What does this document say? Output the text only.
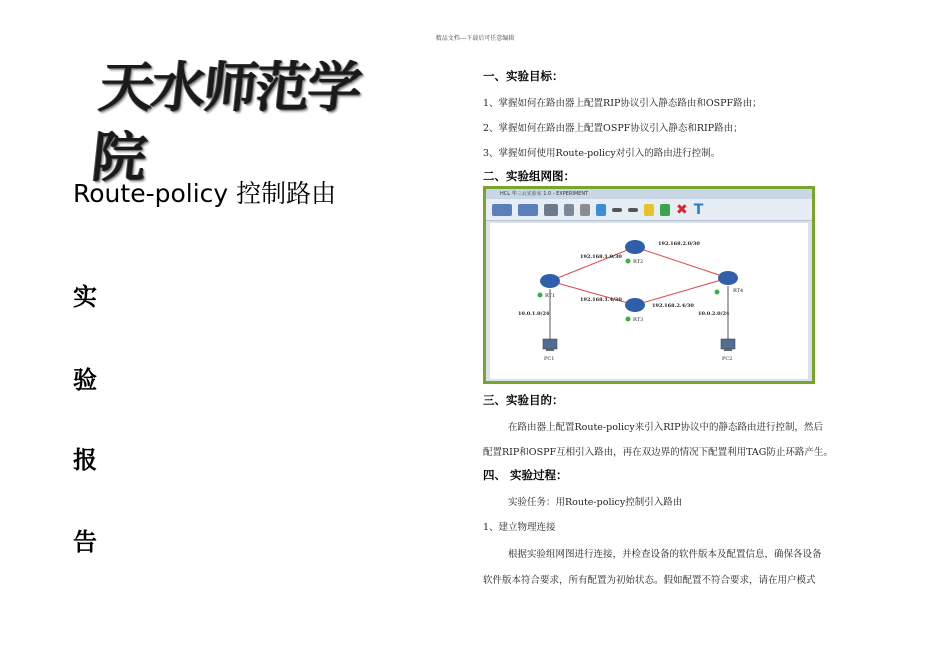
精品文档---下载后可任意编辑
天水师范学院
Route-policy 控制路由
实
验
报
告
一、实验目标：
1、掌握如何在路由器上配置RIP协议引入静态路由和OSPF路由；
2、掌握如何在路由器上配置OSPF协议引入静态和RIP路由；
3、掌握如何使用Route-policy对引入的路由进行控制。
二、实验组网图：
HCL 华三云实验室 1.0 - EXPERIMENT
✖ T
RT1
RT2
RT3
RT4
PC1	PC2
192.168.1.0/30
192.168.2.0/30
192.168.1.4/30
192.168.2.4/30
10.0.1.0/24	10.0.2.0/24
三、实验目的：
在路由器上配置Route-policy来引入RIP协议中的静态路由进行控制，然后
配置RIP和OSPF互相引入路由，再在双边界的情况下配置利用TAG防止环路产生。
四、 实验过程：
实验任务：用Route-policy控制引入路由
1、建立物理连接
根据实验组网图进行连接，并检查设备的软件版本及配置信息，确保各设备
软件版本符合要求，所有配置为初始状态。假如配置不符合要求，请在用户模式
